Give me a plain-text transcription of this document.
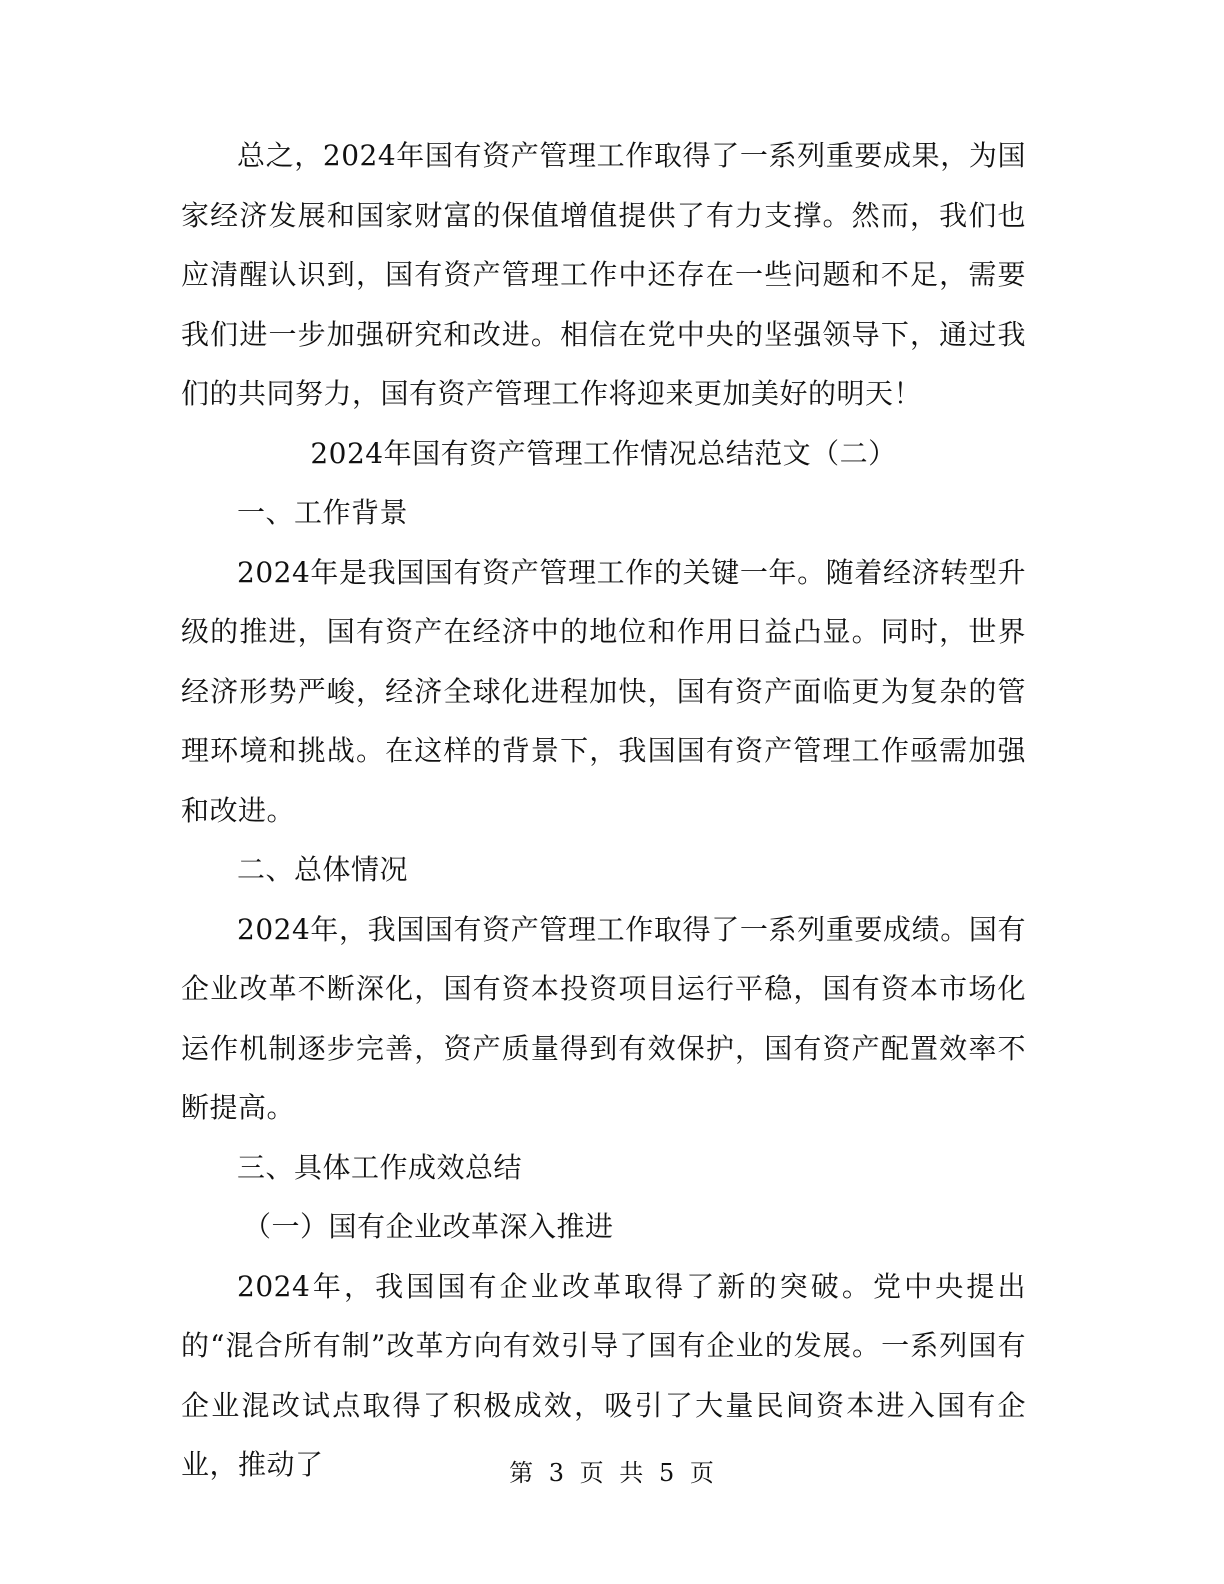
总之，2024年国有资产管理工作取得了一系列重要成果，为国家经济发展和国家财富的保值增值提供了有力支撑。然而，我们也应清醒认识到，国有资产管理工作中还存在一些问题和不足，需要我们进一步加强研究和改进。相信在党中央的坚强领导下，通过我们的共同努力，国有资产管理工作将迎来更加美好的明天！

2024年国有资产管理工作情况总结范文（二）

一、工作背景

2024年是我国国有资产管理工作的关键一年。随着经济转型升级的推进，国有资产在经济中的地位和作用日益凸显。同时，世界经济形势严峻，经济全球化进程加快，国有资产面临更为复杂的管理环境和挑战。在这样的背景下，我国国有资产管理工作亟需加强和改进。

二、总体情况

2024年，我国国有资产管理工作取得了一系列重要成绩。国有企业改革不断深化，国有资本投资项目运行平稳，国有资本市场化运作机制逐步完善，资产质量得到有效保护，国有资产配置效率不断提高。

三、具体工作成效总结

（一）国有企业改革深入推进

2024年，我国国有企业改革取得了新的突破。党中央提出的“混合所有制”改革方向有效引导了国有企业的发展。一系列国有企业混改试点取得了积极成效，吸引了大量民间资本进入国有企业，推动了	第 3 页 共 5 页
